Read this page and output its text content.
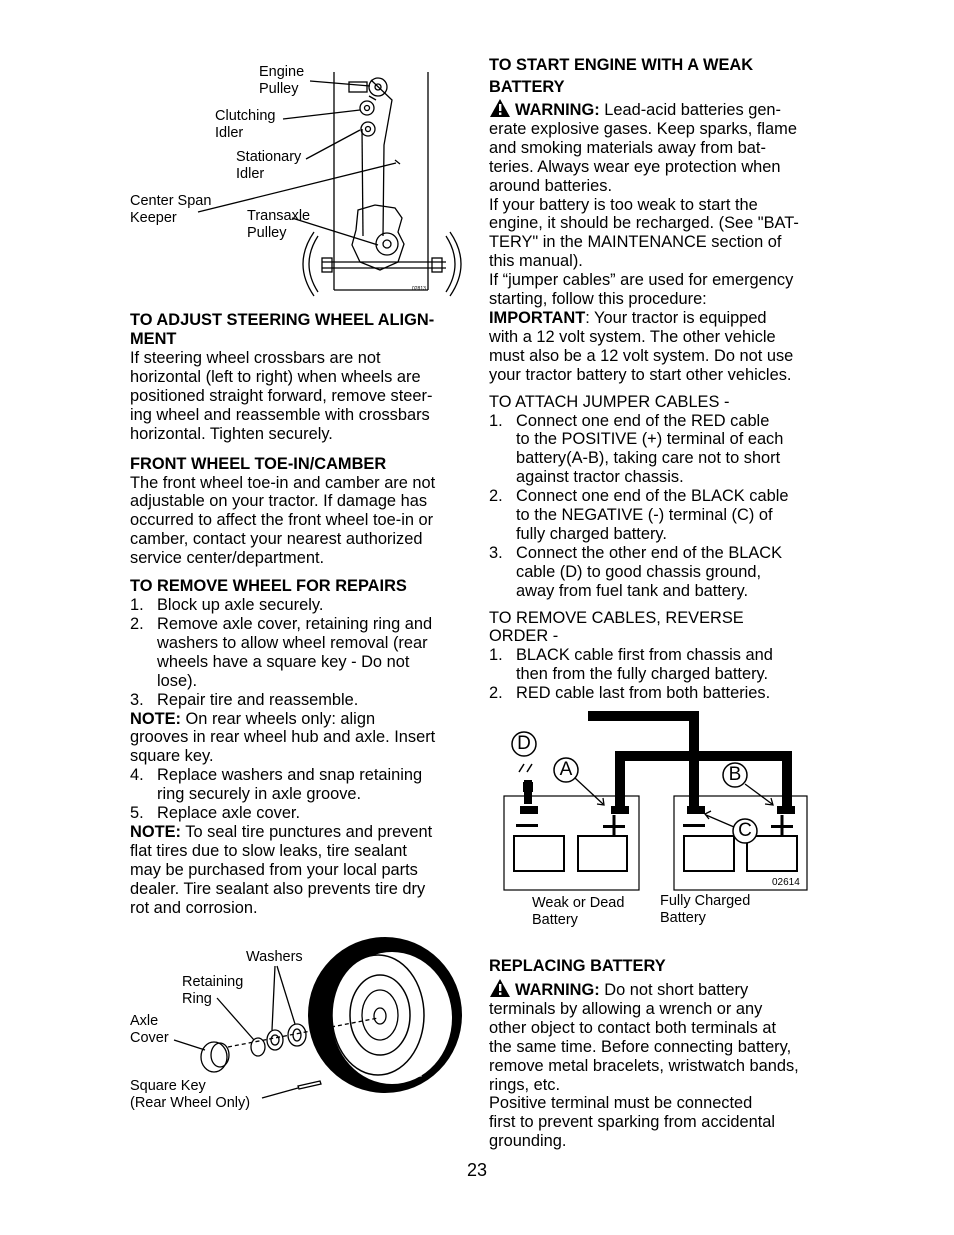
Engine
Pulley
Clutching
Idler
Stationary
Idler
Center Span
Keeper	Transaxle
Pulley
02813

TO ADJUST STEERING WHEEL ALIGN-
MENT

If steering wheel crossbars are not
horizontal (left to right) when wheels are
positioned straight forward, remove steer-
ing wheel and reassemble with crossbars
horizontal. Tighten securely.

FRONT WHEEL TOE-IN/CAMBER

The front wheel toe-in and camber are not
adjustable on your tractor. If damage has
occurred to affect the front wheel toe-in or
camber, contact your nearest authorized
service center/department.

TO REMOVE WHEEL FOR REPAIRS

1. Block up axle securely.
2. Remove axle cover, retaining ring and
washers to allow wheel removal (rear
wheels have a square key - Do not
lose).
3. Repair tire and reassemble.

NOTE: On rear wheels only: align
grooves in rear wheel hub and axle. Insert
square key.

4. Replace washers and snap retaining
ring securely in axle groove.
5. Replace axle cover.

NOTE: To seal tire punctures and prevent
flat tires due to slow leaks, tire sealant
may be purchased from your local parts
dealer. Tire sealant also prevents tire dry
rot and corrosion.

Washers
Retaining
Ring
Axle
Cover
Square Key
(Rear Wheel Only)
02825

TO START ENGINE WITH A WEAK
BATTERY

WARNING: Lead-acid batteries gen-
erate explosive gases. Keep sparks, flame
and smoking materials away from bat-
teries. Always wear eye protection when
around batteries.

If your battery is too weak to start the
engine, it should be recharged. (See "BAT-
TERY" in the MAINTENANCE section of
this manual).

If “jumper cables” are used for emergency
starting, follow this procedure:

IMPORTANT: Your tractor is equipped
with a 12 volt system. The other vehicle
must also be a 12 volt system. Do not use
your tractor battery to start other vehicles.

TO ATTACH JUMPER CABLES -

1. Connect one end of the RED cable
to the POSITIVE (+) terminal of each
battery(A-B), taking care not to short
against tractor chassis.
2. Connect one end of the BLACK cable
to the NEGATIVE (-) terminal (C) of
fully charged battery.
3. Connect the other end of the BLACK
cable (D) to good chassis ground,
away from fuel tank and battery.

TO REMOVE CABLES, REVERSE
ORDER -

1. BLACK cable first from chassis and
then from the fully charged battery.
2. RED cable last from both batteries.
D
A	B
C
02614
Weak or Dead
Battery
Fully Charged
Battery

REPLACING BATTERY

WARNING: Do not short battery
terminals by allowing a wrench or any
other object to contact both terminals at
the same time. Before connecting battery,
remove metal bracelets, wristwatch bands,
rings, etc.

Positive terminal must be connected
first to prevent sparking from accidental
grounding.

23
